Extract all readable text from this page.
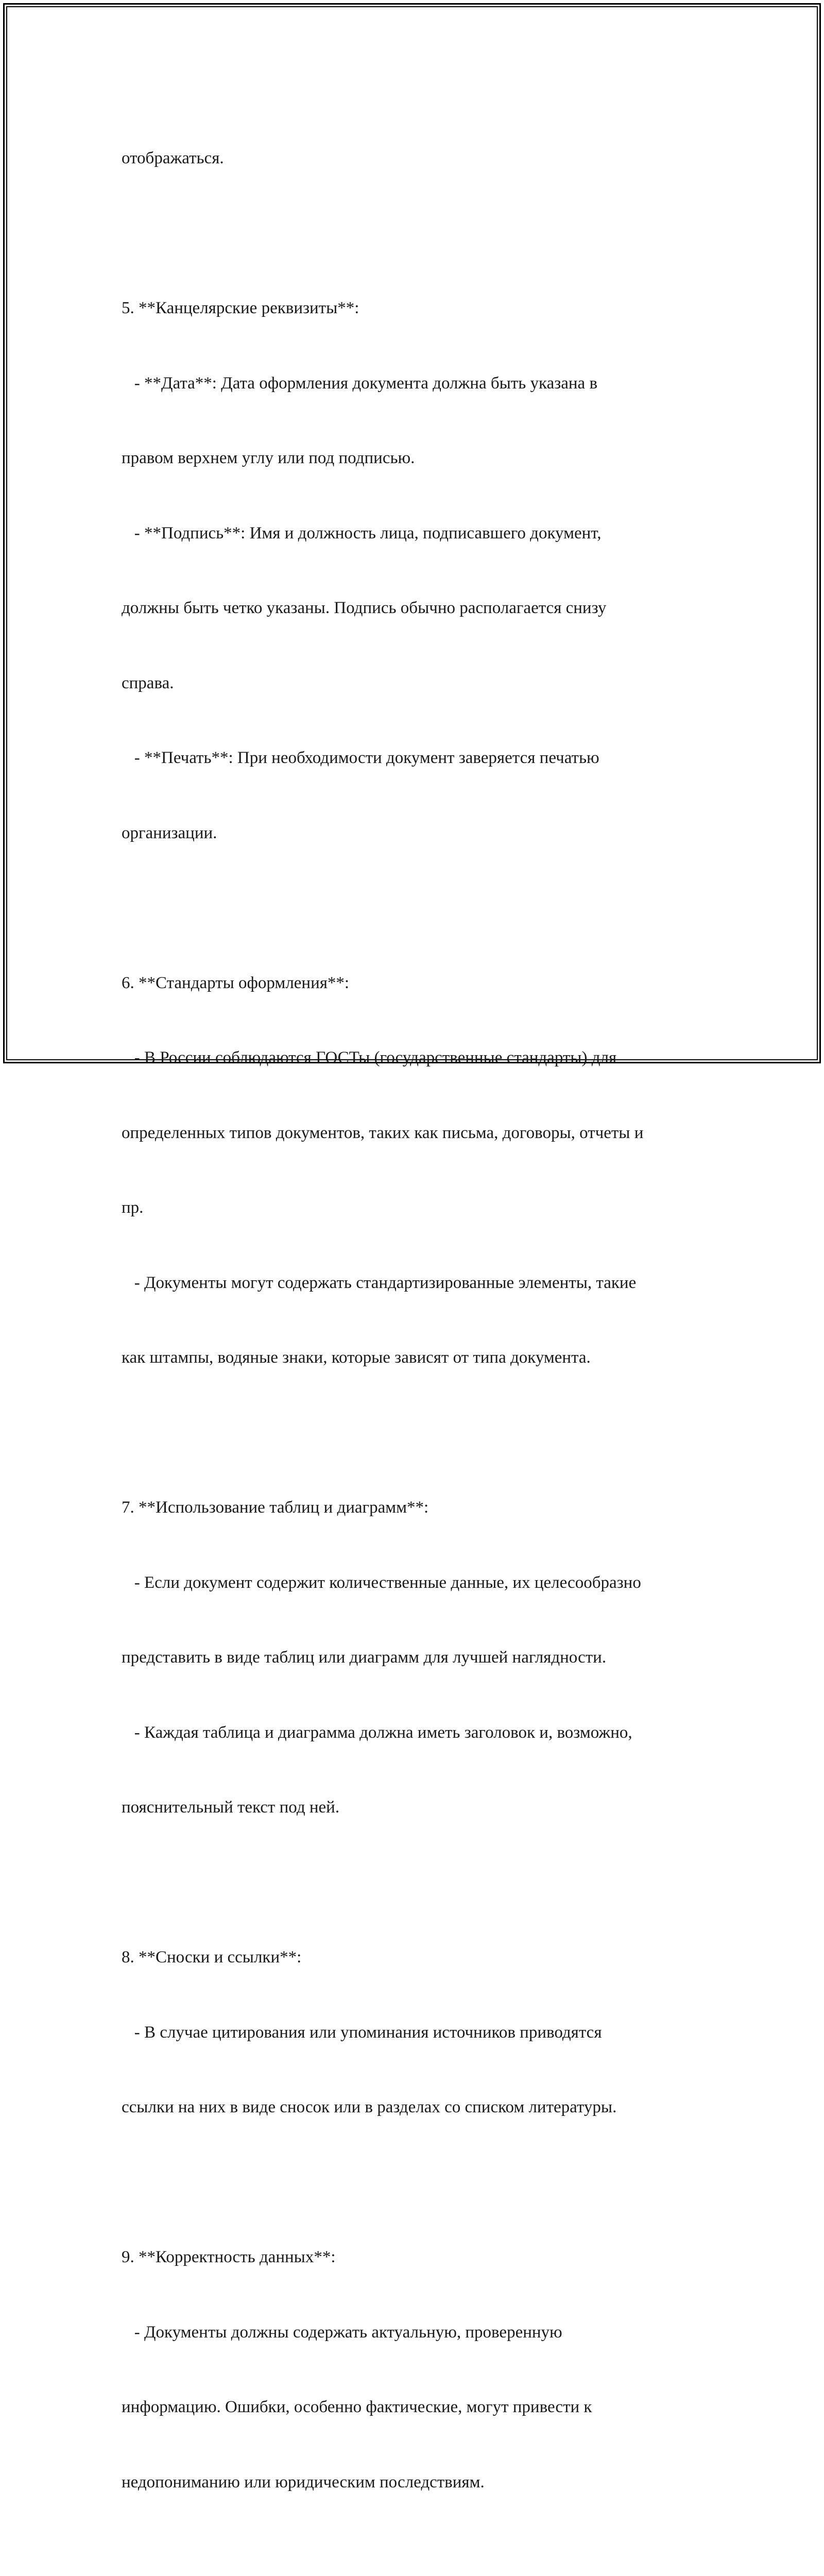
отображаться.

5. **Канцелярские реквизиты**:

- **Дата**: Дата оформления документа должна быть указана в

правом верхнем углу или под подписью.

- **Подпись**: Имя и должность лица, подписавшего документ,

должны быть четко указаны. Подпись обычно располагается снизу

справа.

- **Печать**: При необходимости документ заверяется печатью

организации.

6. **Стандарты оформления**:

- В России соблюдаются ГОСТы (государственные стандарты) для

определенных типов документов, таких как письма, договоры, отчеты и

пр.

- Документы могут содержать стандартизированные элементы, такие

как штампы, водяные знаки, которые зависят от типа документа.

7. **Использование таблиц и диаграмм**:

- Если документ содержит количественные данные, их целесообразно

представить в виде таблиц или диаграмм для лучшей наглядности.

- Каждая таблица и диаграмма должна иметь заголовок и, возможно,

пояснительный текст под ней.

8. **Сноски и ссылки**:

- В случае цитирования или упоминания источников приводятся

ссылки на них в виде сносок или в разделах со списком литературы.

9. **Корректность данных**:

- Документы должны содержать актуальную, проверенную

информацию. Ошибки, особенно фактические, могут привести к

недопониманию или юридическим последствиям.
